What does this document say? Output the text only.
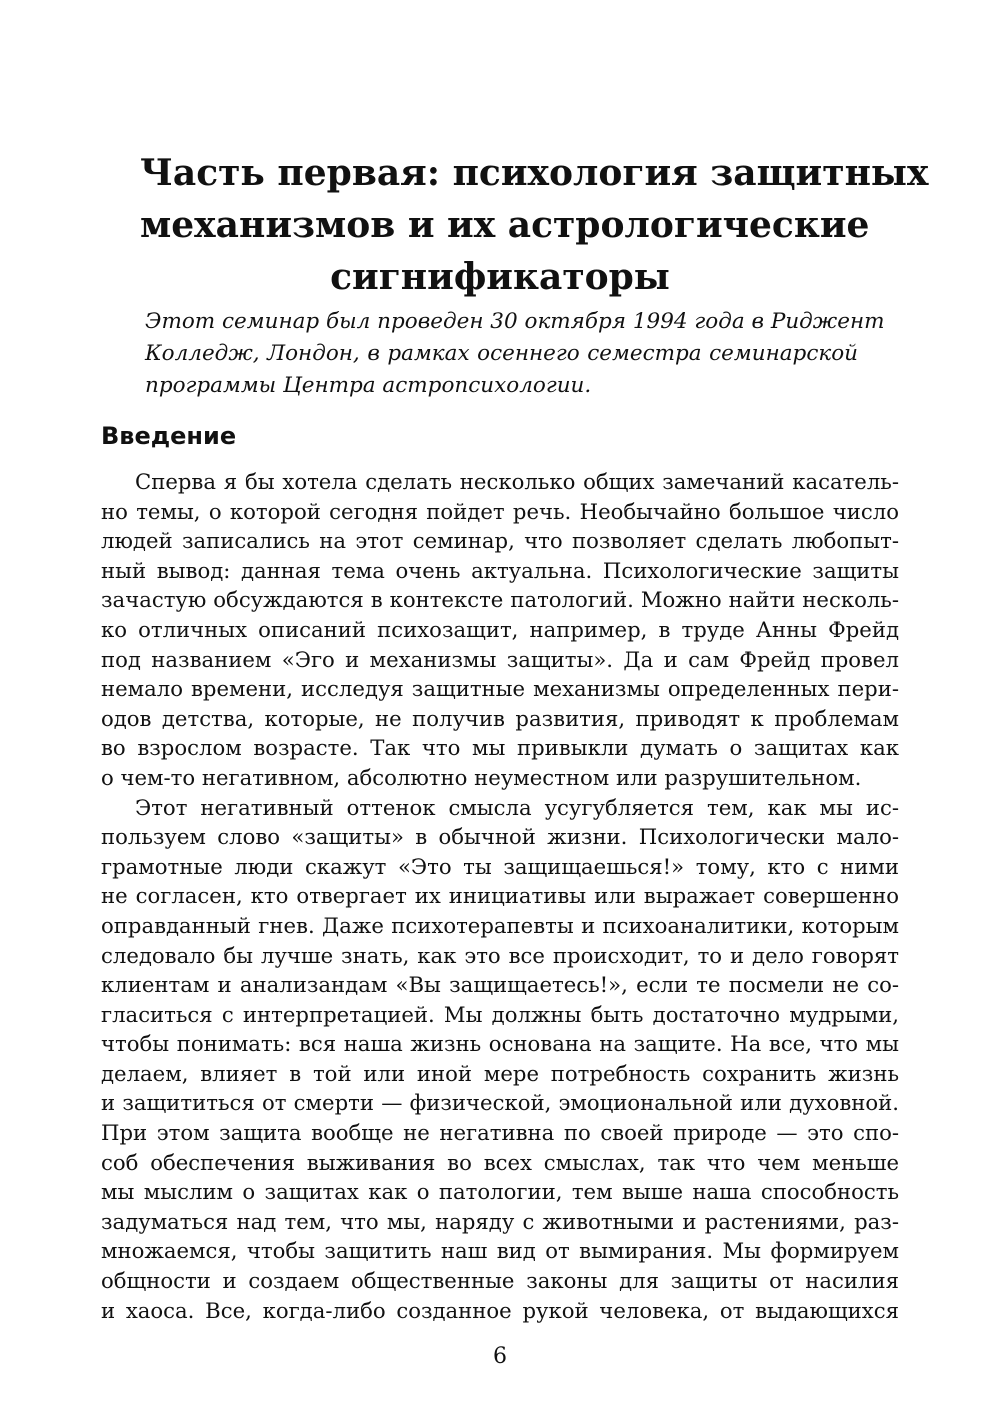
Часть первая: психология защитных
механизмов и их астрологические
сигнификаторы
Этот семинар был проведен 30 октября 1994 года в Риджент
Колледж, Лондон, в рамках осеннего семестра семинарской
программы Центра астропсихологии.
Введение
Сперва я бы хотела сделать несколько общих замечаний касатель-
но темы, о которой сегодня пойдет речь. Необычайно большое число
людей записались на этот семинар, что позволяет сделать любопыт-
ный вывод: данная тема очень актуальна. Психологические защиты
зачастую обсуждаются в контексте патологий. Можно найти несколь-
ко отличных описаний психозащит, например, в труде Анны Фрейд
под названием «Эго и механизмы защиты». Да и сам Фрейд провел
немало времени, исследуя защитные механизмы определенных пери-
одов детства, которые, не получив развития, приводят к проблемам
во взрослом возрасте. Так что мы привыкли думать о защитах как
о чем-то негативном, абсолютно неуместном или разрушительном.
Этот негативный оттенок смысла усугубляется тем, как мы ис-
пользуем слово «защиты» в обычной жизни. Психологически мало-
грамотные люди скажут «Это ты защищаешься!» тому, кто с ними
не согласен, кто отвергает их инициативы или выражает совершенно
оправданный гнев. Даже психотерапевты и психоаналитики, которым
следовало бы лучше знать, как это все происходит, то и дело говорят
клиентам и анализандам «Вы защищаетесь!», если те посмели не со-
гласиться с интерпретацией. Мы должны быть достаточно мудрыми,
чтобы понимать: вся наша жизнь основана на защите. На все, что мы
делаем, влияет в той или иной мере потребность сохранить жизнь
и защититься от смерти — физической, эмоциональной или духовной.
При этом защита вообще не негативна по своей природе — это спо-
соб обеспечения выживания во всех смыслах, так что чем меньше
мы мыслим о защитах как о патологии, тем выше наша способность
задуматься над тем, что мы, наряду с животными и растениями, раз-
множаемся, чтобы защитить наш вид от вымирания. Мы формируем
общности и создаем общественные законы для защиты от насилия
и хаоса. Все, когда-либо созданное рукой человека, от выдающихся
6
